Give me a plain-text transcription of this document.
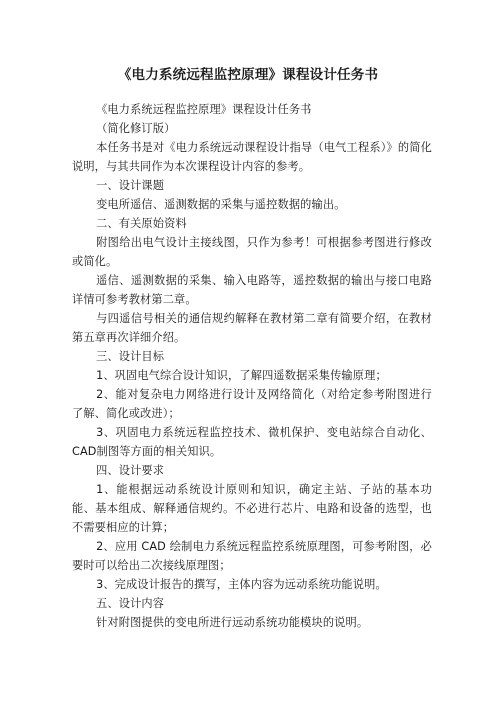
《电力系统远程监控原理》课程设计任务书

《电力系统远程监控原理》课程设计任务书

（简化修订版）

本任务书是对《电力系统远动课程设计指导（电气工程系）》的简化说明，与其共同作为本次课程设计内容的参考。

一、设计课题

变电所遥信、遥测数据的采集与遥控数据的输出。

二、有关原始资料

附图给出电气设计主接线图，只作为参考！可根据参考图进行修改或简化。

遥信、遥测数据的采集、输入电路等，遥控数据的输出与接口电路详情可参考教材第二章。

与四遥信号相关的通信规约解释在教材第二章有简要介绍，在教材第五章再次详细介绍。

三、设计目标

1、巩固电气综合设计知识，了解四遥数据采集传输原理；

2、能对复杂电力网络进行设计及网络简化（对给定参考附图进行了解、简化或改进）；

3、巩固电力系统远程监控技术、微机保护、变电站综合自动化、CAD制图等方面的相关知识。

四、设计要求

1、能根据远动系统设计原则和知识，确定主站、子站的基本功能、基本组成、解释通信规约。不必进行芯片、电路和设备的选型，也不需要相应的计算；

2、应用 CAD 绘制电力系统远程监控系统原理图，可参考附图，必要时可以给出二次接线原理图；

3、完成设计报告的撰写，主体内容为远动系统功能说明。

五、设计内容

针对附图提供的变电所进行远动系统功能模块的说明。
